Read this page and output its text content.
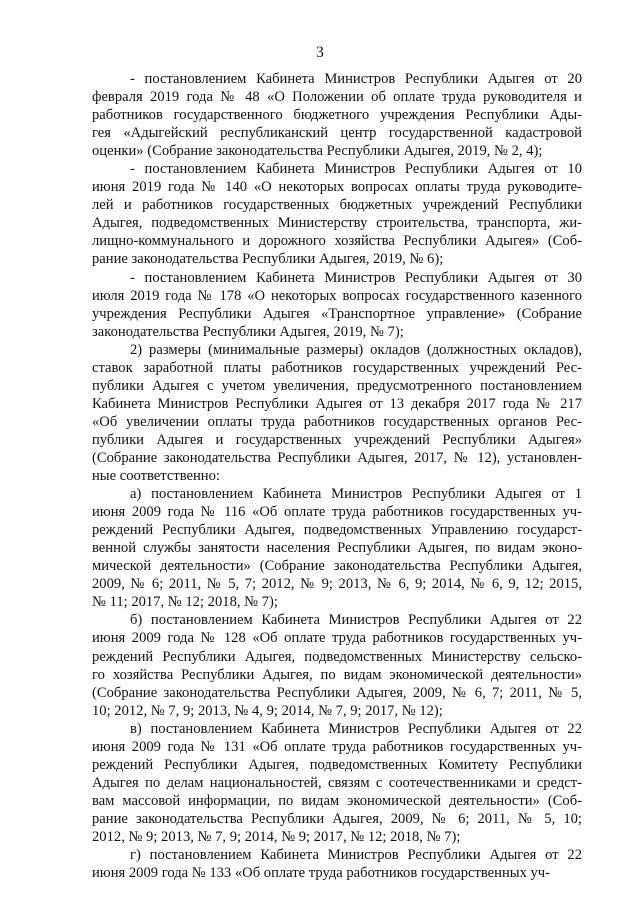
3
- постановлением Кабинета Министров Республики Адыгея от 20
февраля 2019 года № 48 «О Положении об оплате труда руководителя и
работников государственного бюджетного учреждения Республики Ады-
гея «Адыгейский республиканский центр государственной кадастровой
оценки» (Собрание законодательства Республики Адыгея, 2019, № 2, 4);
- постановлением Кабинета Министров Республики Адыгея от 10
июня 2019 года № 140 «О некоторых вопросах оплаты труда руководите-
лей и работников государственных бюджетных учреждений Республики
Адыгея, подведомственных Министерству строительства, транспорта, жи-
лищно-коммунального и дорожного хозяйства Республики Адыгея» (Соб-
рание законодательства Республики Адыгея, 2019, № 6);
- постановлением Кабинета Министров Республики Адыгея от 30
июля 2019 года № 178 «О некоторых вопросах государственного казенного
учреждения Республики Адыгея «Транспортное управление» (Собрание
законодательства Республики Адыгея, 2019, № 7);
2) размеры (минимальные размеры) окладов (должностных окладов),
ставок заработной платы работников государственных учреждений Рес-
публики Адыгея с учетом увеличения, предусмотренного постановлением
Кабинета Министров Республики Адыгея от 13 декабря 2017 года № 217
«Об увеличении оплаты труда работников государственных органов Рес-
публики Адыгея и государственных учреждений Республики Адыгея»
(Собрание законодательства Республики Адыгея, 2017, № 12), установлен-
ные соответственно:
а) постановлением Кабинета Министров Республики Адыгея от 1
июня 2009 года № 116 «Об оплате труда работников государственных уч-
реждений Республики Адыгея, подведомственных Управлению государст-
венной службы занятости населения Республики Адыгея, по видам эконо-
мической деятельности» (Собрание законодательства Республики Адыгея,
2009, № 6; 2011, № 5, 7; 2012, № 9; 2013, № 6, 9; 2014, № 6, 9, 12; 2015,
№ 11; 2017, № 12; 2018, № 7);
б) постановлением Кабинета Министров Республики Адыгея от 22
июня 2009 года № 128 «Об оплате труда работников государственных уч-
реждений Республики Адыгея, подведомственных Министерству сельско-
го хозяйства Республики Адыгея, по видам экономической деятельности»
(Собрание законодательства Республики Адыгея, 2009, № 6, 7; 2011, № 5,
10; 2012, № 7, 9; 2013, № 4, 9; 2014, № 7, 9; 2017, № 12);
в) постановлением Кабинета Министров Республики Адыгея от 22
июня 2009 года № 131 «Об оплате труда работников государственных уч-
реждений Республики Адыгея, подведомственных Комитету Республики
Адыгея по делам национальностей, связям с соотечественниками и средст-
вам массовой информации, по видам экономической деятельности» (Соб-
рание законодательства Республики Адыгея, 2009, № 6; 2011, № 5, 10;
2012, № 9; 2013, № 7, 9; 2014, № 9; 2017, № 12; 2018, № 7);
г) постановлением Кабинета Министров Республики Адыгея от 22
июня 2009 года № 133 «Об оплате труда работников государственных уч-
